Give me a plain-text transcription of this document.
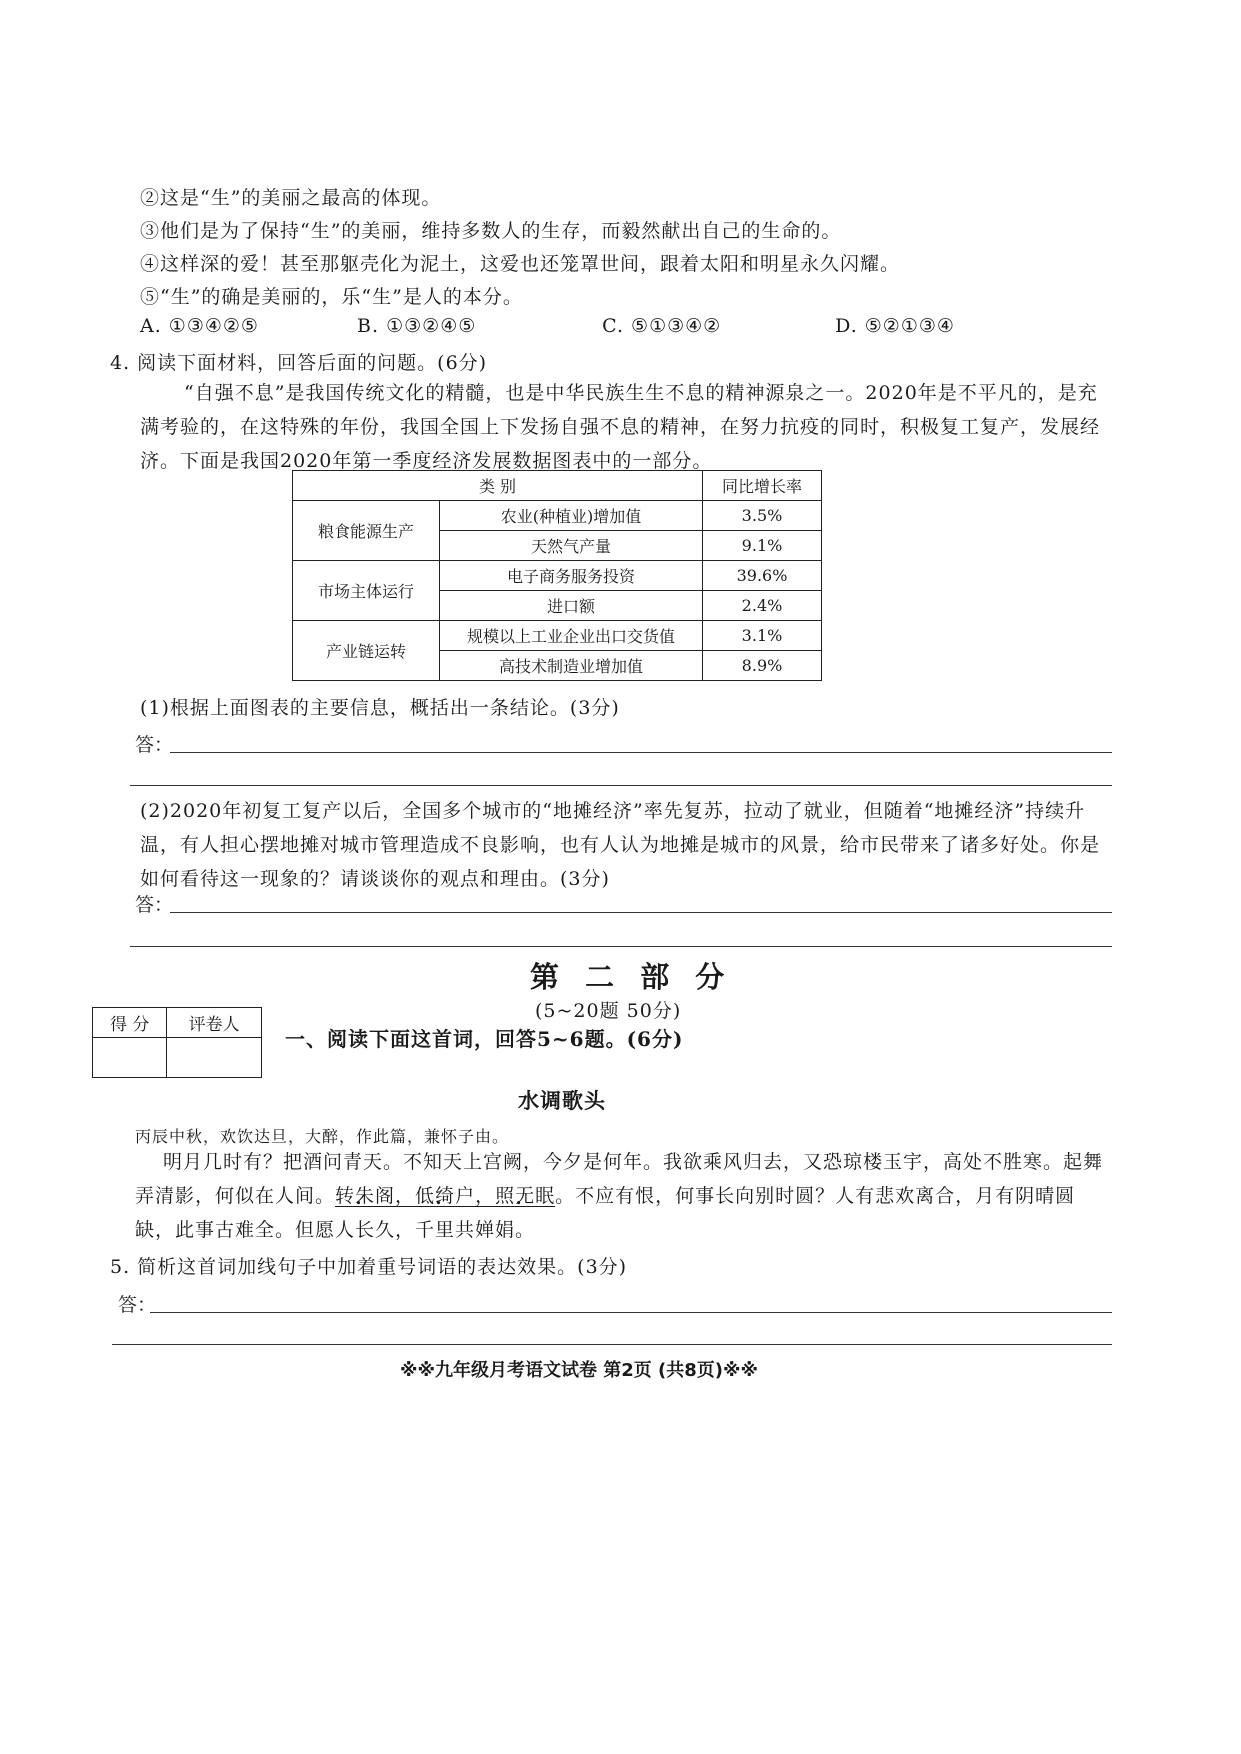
②这是“生”的美丽之最高的体现。
③他们是为了保持“生”的美丽，维持多数人的生存，而毅然献出自己的生命的。
④这样深的爱！甚至那躯壳化为泥土，这爱也还笼罩世间，跟着太阳和明星永久闪耀。
⑤“生”的确是美丽的，乐“生”是人的本分。
A. ①③④②⑤	B. ①③②④⑤	C. ⑤①③④②	D. ⑤②①③④
4. 阅读下面材料，回答后面的问题。(6分)
“自强不息”是我国传统文化的精髓，也是中华民族生生不息的精神源泉之一。2020年是不平凡的，是充满考验的，在这特殊的年份，我国全国上下发扬自强不息的精神，在努力抗疫的同时，积极复工复产，发展经济。下面是我国2020年第一季度经济发展数据图表中的一部分。
类 别		同比增长率
粮食能源生产	农业(种植业)增加值	3.5%
	天然气产量	9.1%
市场主体运行	电子商务服务投资	39.6%
	进口额	2.4%
产业链运转	规模以上工业企业出口交货值	3.1%
	高技术制造业增加值	8.9%
(1)根据上面图表的主要信息，概括出一条结论。(3分)
答：
(2)2020年初复工复产以后，全国多个城市的“地摊经济”率先复苏，拉动了就业，但随着“地摊经济”持续升温，有人担心摆地摊对城市管理造成不良影响，也有人认为地摊是城市的风景，给市民带来了诸多好处。你是如何看待这一现象的？请谈谈你的观点和理由。(3分)
答：
第 二 部 分
(5~20题 50分)
得 分	评卷人

一、阅读下面这首词，回答5~6题。(6分)
水调歌头
丙辰中秋，欢饮达旦，大醉，作此篇，兼怀子由。
明月几时有？把酒问青天。不知天上宫阙，今夕是何年。我欲乘风归去，又恐琼楼玉宇，高处不胜寒。起舞弄清影，何似在人间。转朱阁，低绮户，照无眠。不应有恨，何事长向别时圆？人有悲欢离合，月有阴晴圆缺，此事古难全。但愿人长久，千里共婵娟。
5. 简析这首词加线句子中加着重号词语的表达效果。(3分)
答：
※※九年级月考语文试卷 第2页 (共8页)※※
